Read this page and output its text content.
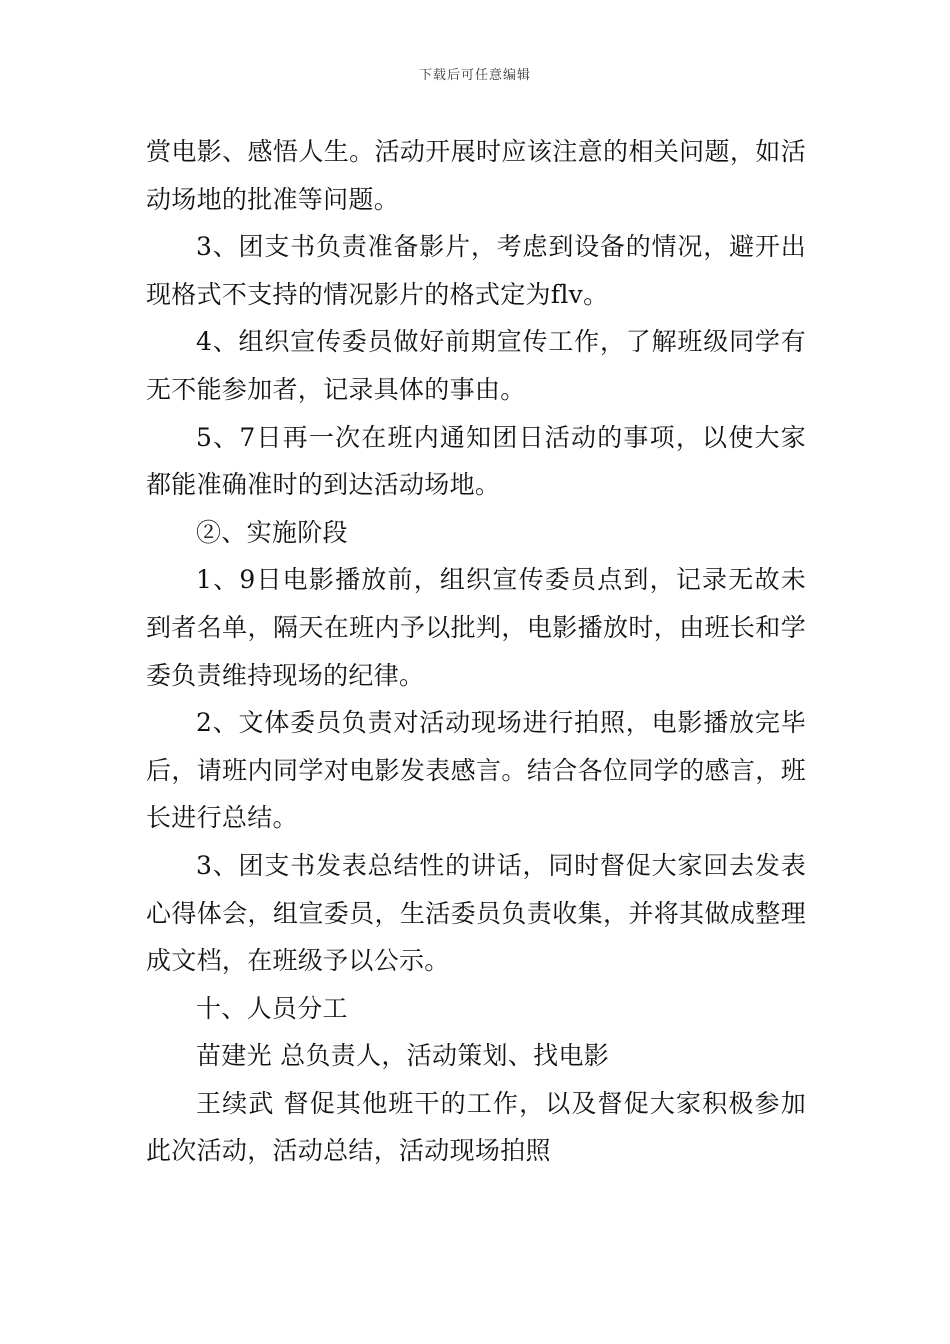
下载后可任意编辑

赏电影、感悟人生。活动开展时应该注意的相关问题，如活动场地的批准等问题。

3、团支书负责准备影片，考虑到设备的情况，避开出现格式不支持的情况影片的格式定为flv。

4、组织宣传委员做好前期宣传工作，了解班级同学有无不能参加者，记录具体的事由。

5、7日再一次在班内通知团日活动的事项，以使大家都能准确准时的到达活动场地。

②、实施阶段

1、9日电影播放前，组织宣传委员点到，记录无故未到者名单，隔天在班内予以批判，电影播放时，由班长和学委负责维持现场的纪律。

2、文体委员负责对活动现场进行拍照，电影播放完毕后，请班内同学对电影发表感言。结合各位同学的感言，班长进行总结。

3、团支书发表总结性的讲话，同时督促大家回去发表心得体会，组宣委员，生活委员负责收集，并将其做成整理成文档，在班级予以公示。

十、人员分工

苗建光 总负责人，活动策划、找电影

王续武 督促其他班干的工作，以及督促大家积极参加此次活动，活动总结，活动现场拍照
